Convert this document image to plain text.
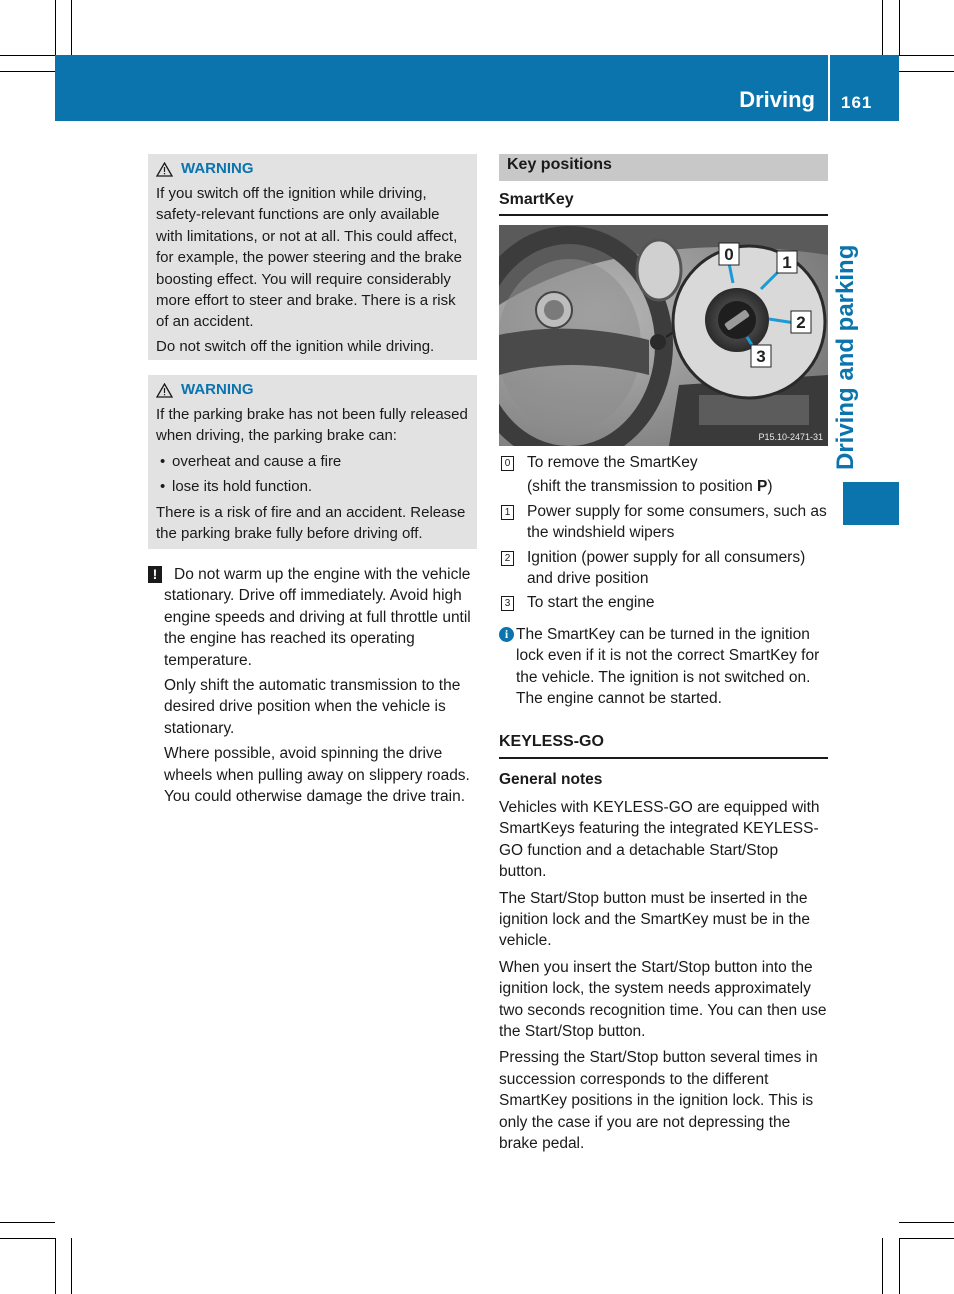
Driving 161
Driving and parking
WARNING

If you switch off the ignition while driving, safety-relevant functions are only available with limitations, or not at all. This could affect, for example, the power steering and the brake boosting effect. You will require considerably more effort to steer and brake. There is a risk of an accident.

Do not switch off the ignition while driving.

WARNING

If the parking brake has not been fully released when driving, the parking brake can:

• overheat and cause a fire
• lose its hold function.

There is a risk of fire and an accident. Release the parking brake fully before driving off.

!	Do not warm up the engine with the vehicle stationary. Drive off immediately. Avoid high engine speeds and driving at full throttle until the engine has reached its operating temperature.

Only shift the automatic transmission to the desired drive position when the vehicle is stationary.

Where possible, avoid spinning the drive wheels when pulling away on slippery roads. You could otherwise damage the drive train.

Key positions
SmartKey
0	1
2
3
P15.10-2471-31
0 To remove the SmartKey
(shift the transmission to position P)
1 Power supply for some consumers, such as the windshield wipers
2 Ignition (power supply for all consumers) and drive position
3 To start the engine
i The SmartKey can be turned in the ignition lock even if it is not the correct SmartKey for the vehicle. The ignition is not switched on. The engine cannot be started.

KEYLESS-GO
General notes

Vehicles with KEYLESS-GO are equipped with SmartKeys featuring the integrated KEYLESS-GO function and a detachable Start/Stop button.

The Start/Stop button must be inserted in the ignition lock and the SmartKey must be in the vehicle.

When you insert the Start/Stop button into the ignition lock, the system needs approximately two seconds recognition time. You can then use the Start/Stop button.

Pressing the Start/Stop button several times in succession corresponds to the different SmartKey positions in the ignition lock. This is only the case if you are not depressing the brake pedal.
